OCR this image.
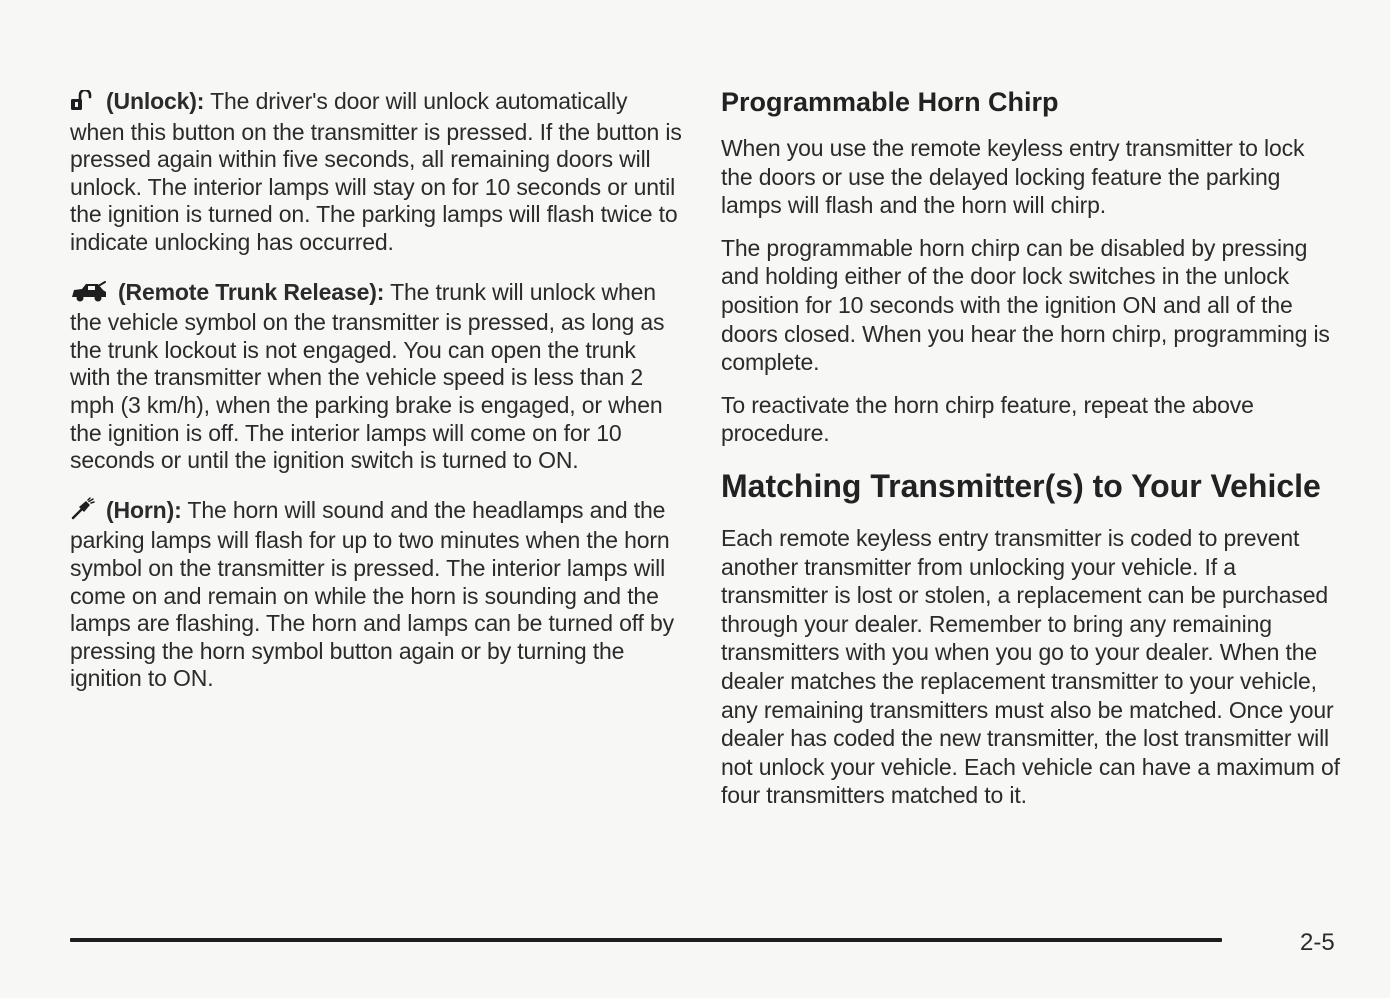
(Unlock): The driver's door will unlock automatically when this button on the transmitter is pressed. If the button is pressed again within five seconds, all remaining doors will unlock. The interior lamps will stay on for 10 seconds or until the ignition is turned on. The parking lamps will flash twice to indicate unlocking has occurred.

(Remote Trunk Release): The trunk will unlock when the vehicle symbol on the transmitter is pressed, as long as the trunk lockout is not engaged. You can open the trunk with the transmitter when the vehicle speed is less than 2 mph (3 km/h), when the parking brake is engaged, or when the ignition is off. The interior lamps will come on for 10 seconds or until the ignition switch is turned to ON.

(Horn): The horn will sound and the headlamps and the parking lamps will flash for up to two minutes when the horn symbol on the transmitter is pressed. The interior lamps will come on and remain on while the horn is sounding and the lamps are flashing. The horn and lamps can be turned off by pressing the horn symbol button again or by turning the ignition to ON.

Programmable Horn Chirp

When you use the remote keyless entry transmitter to lock the doors or use the delayed locking feature the parking lamps will flash and the horn will chirp.

The programmable horn chirp can be disabled by pressing and holding either of the door lock switches in the unlock position for 10 seconds with the ignition ON and all of the doors closed. When you hear the horn chirp, programming is complete.

To reactivate the horn chirp feature, repeat the above procedure.

Matching Transmitter(s) to Your Vehicle

Each remote keyless entry transmitter is coded to prevent another transmitter from unlocking your vehicle. If a transmitter is lost or stolen, a replacement can be purchased through your dealer. Remember to bring any remaining transmitters with you when you go to your dealer. When the dealer matches the replacement transmitter to your vehicle, any remaining transmitters must also be matched. Once your dealer has coded the new transmitter, the lost transmitter will not unlock your vehicle. Each vehicle can have a maximum of four transmitters matched to it.

2-5
